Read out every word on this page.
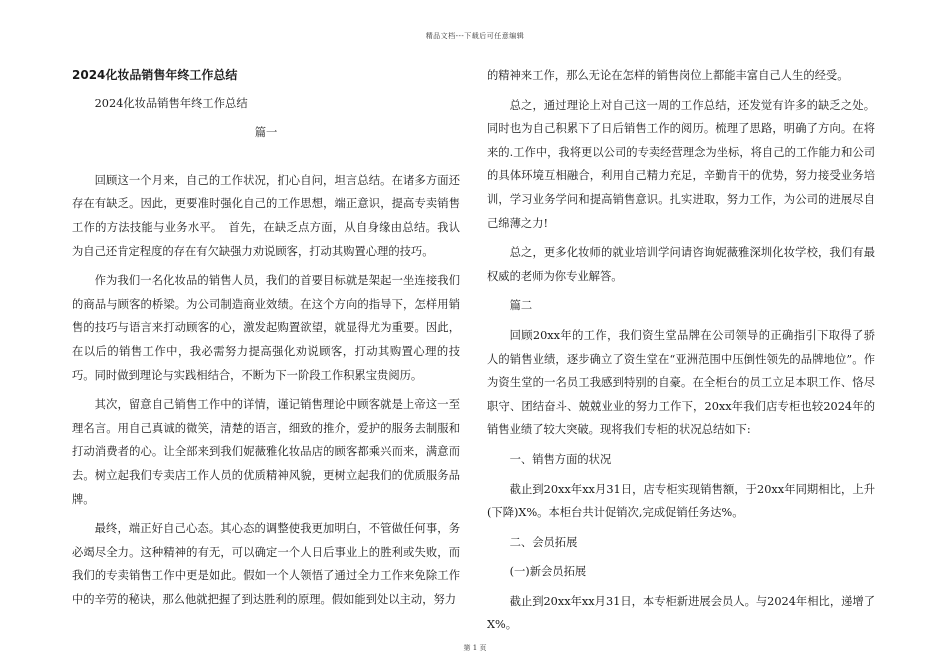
精品文档---下载后可任意编辑

2024化妆品销售年终工作总结

2024化妆品销售年终工作总结

篇一

回顾这一个月来，自己的工作状况，扪心自问，坦言总结。在诸多方面还存在有缺乏。因此，更要准时强化自己的工作思想，端正意识，提高专卖销售工作的方法技能与业务水平。　首先，在缺乏点方面，从自身缘由总结。我认为自己还肯定程度的存在有欠缺强力劝说顾客，打动其购置心理的技巧。

作为我们一名化妆品的销售人员，我们的首要目标就是架起一坐连接我们的商品与顾客的桥梁。为公司制造商业效绩。在这个方向的指导下，怎样用销售的技巧与语言来打动顾客的心，激发起购置欲望，就显得尤为重要。因此，在以后的销售工作中，我必需努力提高强化劝说顾客，打动其购置心理的技巧。同时做到理论与实践相结合，不断为下一阶段工作积累宝贵阅历。

其次，留意自己销售工作中的详情，谨记销售理论中顾客就是上帝这一至理名言。用自己真诚的微笑，清楚的语言，细致的推介，爱护的服务去制服和打动消费者的心。让全部来到我们妮薇雅化妆品店的顾客都乘兴而来，满意而去。树立起我们专卖店工作人员的优质精神风貌，更树立起我们的优质服务品牌。

最终，端正好自己心态。其心态的调整使我更加明白，不管做任何事，务必竭尽全力。这种精神的有无，可以确定一个人日后事业上的胜利或失败，而我们的专卖销售工作中更是如此。假如一个人领悟了通过全力工作来免除工作中的辛劳的秘诀，那么他就把握了到达胜利的原理。假如能到处以主动，努力

的精神来工作，那么无论在怎样的销售岗位上都能丰富自己人生的经受。

总之，通过理论上对自己这一周的工作总结，还发觉有许多的缺乏之处。同时也为自己积累下了日后销售工作的阅历。梳理了思路，明确了方向。在将来的.工作中，我将更以公司的专卖经营理念为坐标，将自己的工作能力和公司的具体环境互相融合，利用自己精力充足，辛勤肯干的优势，努力接受业务培训，学习业务学问和提高销售意识。扎实进取，努力工作，为公司的进展尽自己绵薄之力!

总之，更多化妆师的就业培训学问请咨询妮薇雅深圳化妆学校，我们有最权威的老师为你专业解答。

篇二

回顾20xx年的工作，我们资生堂品牌在公司领导的正确指引下取得了骄人的销售业绩，逐步确立了资生堂在“亚洲范围中压倒性领先的品牌地位”。作为资生堂的一名员工我感到特别的自豪。在全柜台的员工立足本职工作、恪尽职守、团结奋斗、兢兢业业的努力工作下，20xx年我们店专柜也较2024年的销售业绩了较大突破。现将我们专柜的状况总结如下:

一、销售方面的状况

截止到20xx年xx月31日，店专柜实现销售额，于20xx年同期相比，上升(下降)X%。本柜台共计促销次,完成促销任务达%。

二、会员拓展

(一)新会员拓展

截止到20xx年xx月31日，本专柜新进展会员人。与2024年相比，递增了X%。

第 1 页
